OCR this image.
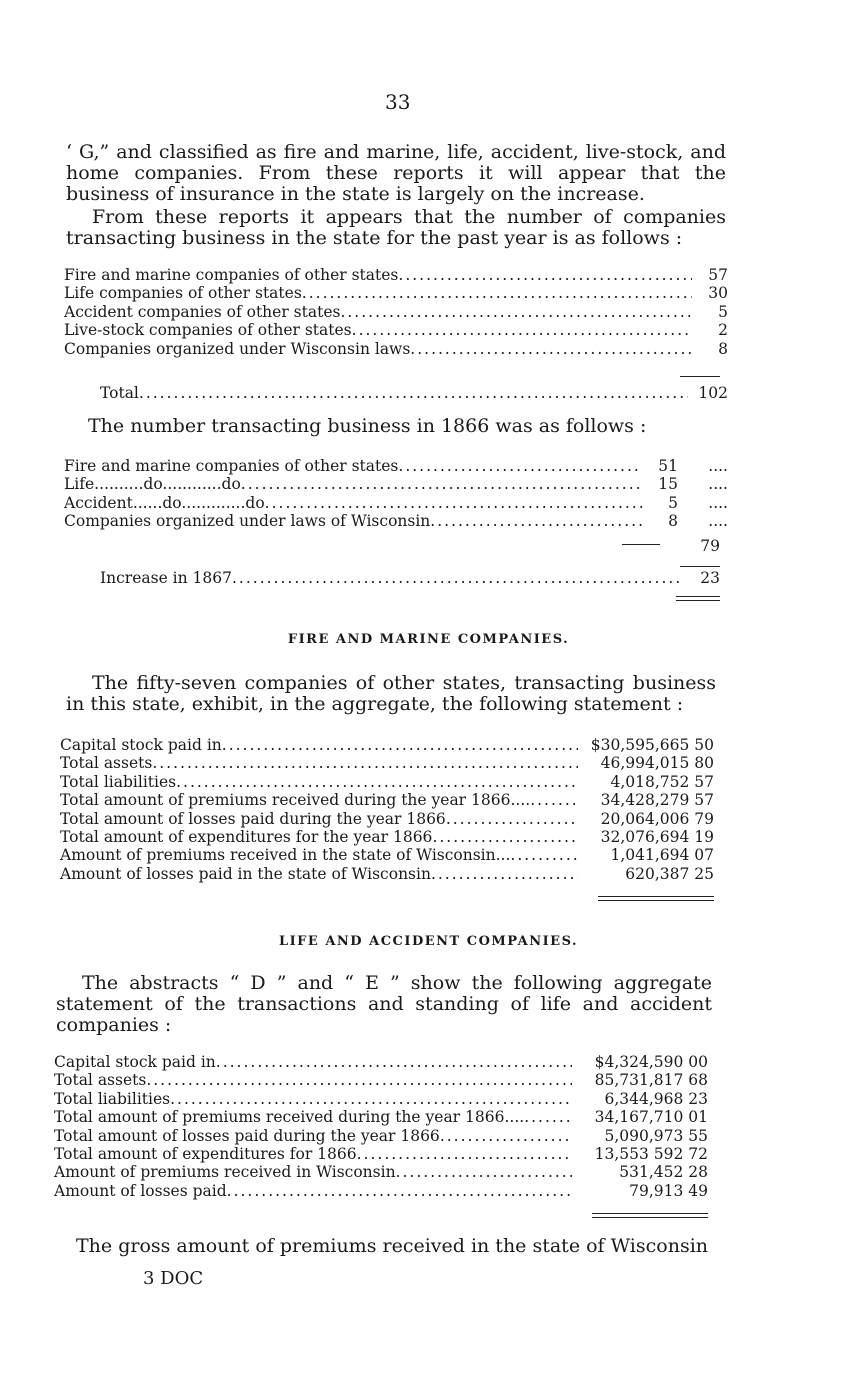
33
‘ G,” and classified as fire and marine, life, accident, live-stock, and home companies. From these reports it will appear that the business of insurance in the state is largely on the increase.
From these reports it appears that the number of companies transacting business in the state for the past year is as follows :
Fire and marine companies of other states .....	57
Life companies of other states .....	30
Accident companies of other states .....	5
Live-stock companies of other states .....	2
Companies organized under Wisconsin laws .....	8
Total .....	102
The number transacting business in 1866 was as follows :
Fire and marine companies of other states .....	51	....
Life..........do............do .....	15	....
Accident......do.............do .....	5	....
Companies organized under laws of Wisconsin .....	8	....
79
Increase in 1867 .....	23
FIRE AND MARINE COMPANIES.
The fifty-seven companies of other states, transacting business in this state, exhibit, in the aggregate, the following statement :
Capital stock paid in .....	$30,595,665 50
Total assets .....	46,994,015 80
Total liabilities .....	4,018,752 57
Total amount of premiums received during the year 1866.... .....	34,428,279 57
Total amount of losses paid during the year 1866 .....	20,064,006 79
Total amount of expenditures for the year 1866 .....	32,076,694 19
Amount of premiums received in the state of Wisconsin... .....	1,041,694 07
Amount of losses paid in the state of Wisconsin .....	620,387 25
LIFE AND ACCIDENT COMPANIES.
The abstracts “ D ” and “ E ” show the following aggregate statement of the transactions and standing of life and accident companies :
Capital stock paid in .....	$4,324,590 00
Total assets .....	85,731,817 68
Total liabilities .....	6,344,968 23
Total amount of premiums received during the year 1866.... .....	34,167,710 01
Total amount of losses paid during the year 1866 .....	5,090,973 55
Total amount of expenditures for 1866 .....	13,553 592 72
Amount of premiums received in Wisconsin .....	531,452 28
Amount of losses paid .....	79,913 49
The gross amount of premiums received in the state of Wisconsin
3 DOC
